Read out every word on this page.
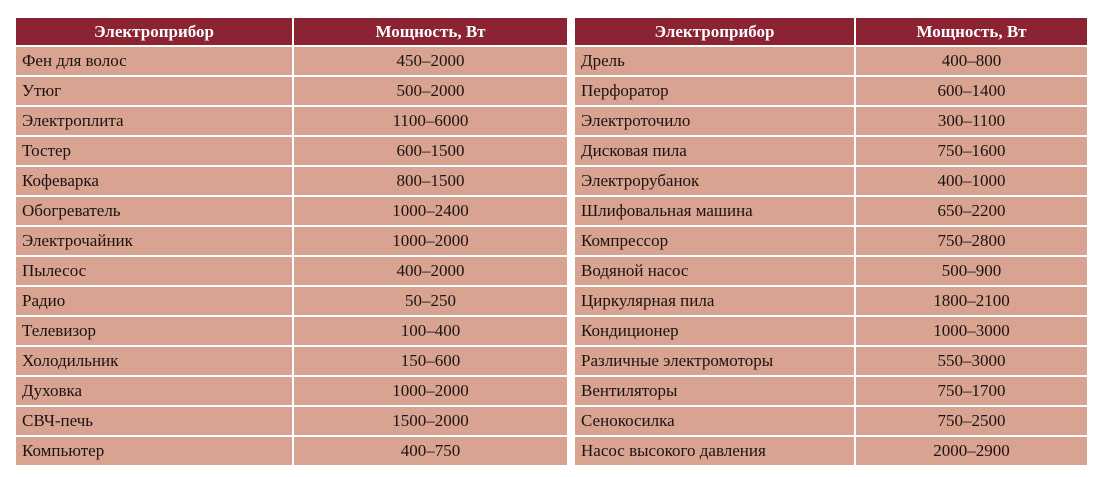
Электроприбор	Мощность, Вт
Фен для волос	450–2000
Утюг	500–2000
Электроплита	1100–6000
Тостер	600–1500
Кофеварка	800–1500
Обогреватель	1000–2400
Электрочайник	1000–2000
Пылесос	400–2000
Радио	50–250
Телевизор	100–400
Холодильник	150–600
Духовка	1000–2000
СВЧ-печь	1500–2000
Компьютер	400–750
Электроприбор	Мощность, Вт
Дрель	400–800
Перфоратор	600–1400
Электроточило	300–1100
Дисковая пила	750–1600
Электрорубанок	400–1000
Шлифовальная машина	650–2200
Компрессор	750–2800
Водяной насос	500–900
Циркулярная пила	1800–2100
Кондиционер	1000–3000
Различные электромоторы	550–3000
Вентиляторы	750–1700
Сенокосилка	750–2500
Насос высокого давления	2000–2900
